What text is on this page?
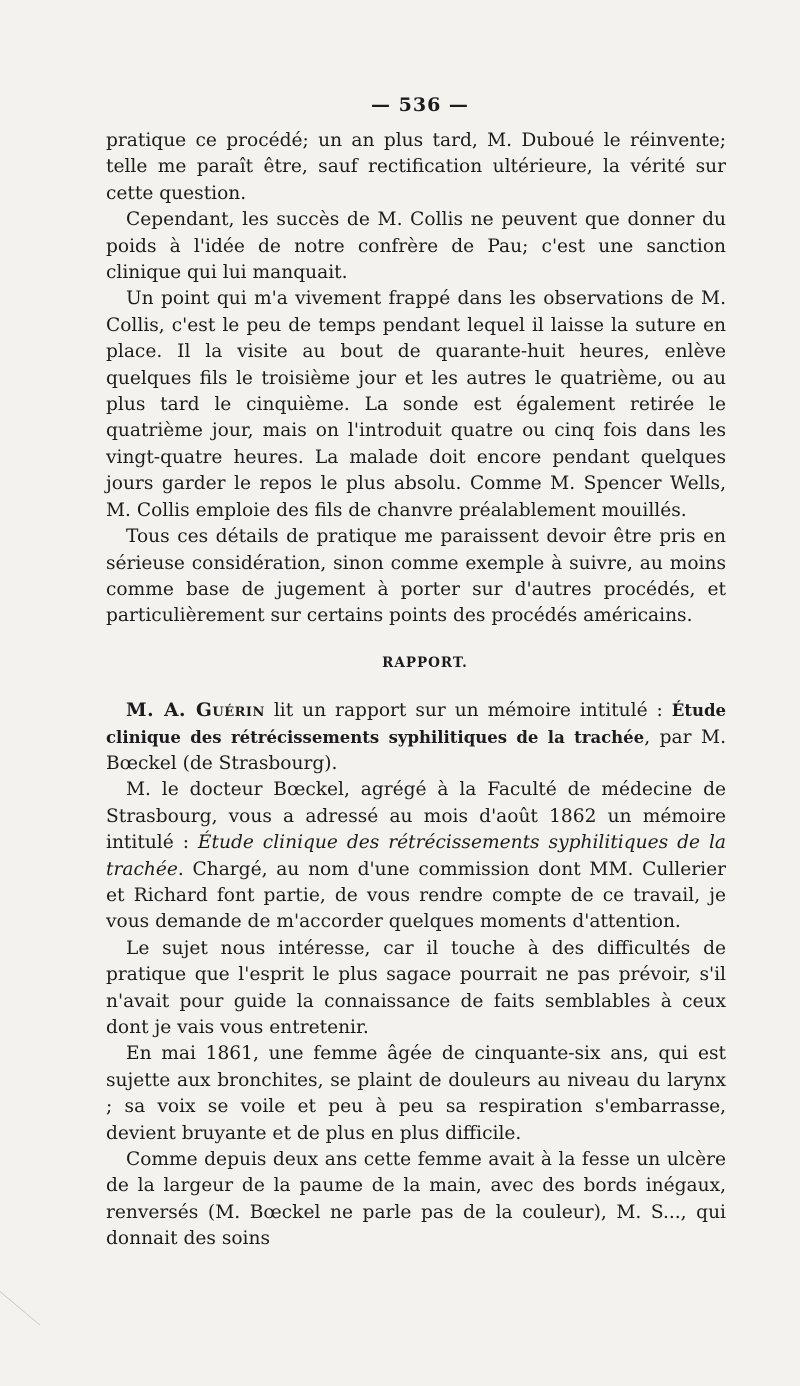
— 536 —

pratique ce procédé; un an plus tard, M. Duboué le réinvente; telle me paraît être, sauf rectification ultérieure, la vérité sur cette question.

Cependant, les succès de M. Collis ne peuvent que donner du poids à l'idée de notre confrère de Pau; c'est une sanction clinique qui lui manquait.

Un point qui m'a vivement frappé dans les observations de M. Collis, c'est le peu de temps pendant lequel il laisse la suture en place. Il la visite au bout de quarante-huit heures, enlève quelques fils le troisième jour et les autres le quatrième, ou au plus tard le cinquième. La sonde est également retirée le quatrième jour, mais on l'introduit quatre ou cinq fois dans les vingt-quatre heures. La malade doit encore pendant quelques jours garder le repos le plus absolu. Comme M. Spencer Wells, M. Collis emploie des fils de chanvre préalablement mouillés.

Tous ces détails de pratique me paraissent devoir être pris en sérieuse considération, sinon comme exemple à suivre, au moins comme base de jugement à porter sur d'autres procédés, et particulièrement sur certains points des procédés américains.

RAPPORT.

M. A. Guérin lit un rapport sur un mémoire intitulé : Étude clinique des rétrécissements syphilitiques de la trachée, par M. Bœckel (de Strasbourg).

M. le docteur Bœckel, agrégé à la Faculté de médecine de Strasbourg, vous a adressé au mois d'août 1862 un mémoire intitulé : Étude clinique des rétrécissements syphilitiques de la trachée. Chargé, au nom d'une commission dont MM. Cullerier et Richard font partie, de vous rendre compte de ce travail, je vous demande de m'accorder quelques moments d'attention.

Le sujet nous intéresse, car il touche à des difficultés de pratique que l'esprit le plus sagace pourrait ne pas prévoir, s'il n'avait pour guide la connaissance de faits semblables à ceux dont je vais vous entretenir.

En mai 1861, une femme âgée de cinquante-six ans, qui est sujette aux bronchites, se plaint de douleurs au niveau du larynx ; sa voix se voile et peu à peu sa respiration s'embarrasse, devient bruyante et de plus en plus difficile.

Comme depuis deux ans cette femme avait à la fesse un ulcère de la largeur de la paume de la main, avec des bords inégaux, renversés (M. Bœckel ne parle pas de la couleur), M. S..., qui donnait des soins
